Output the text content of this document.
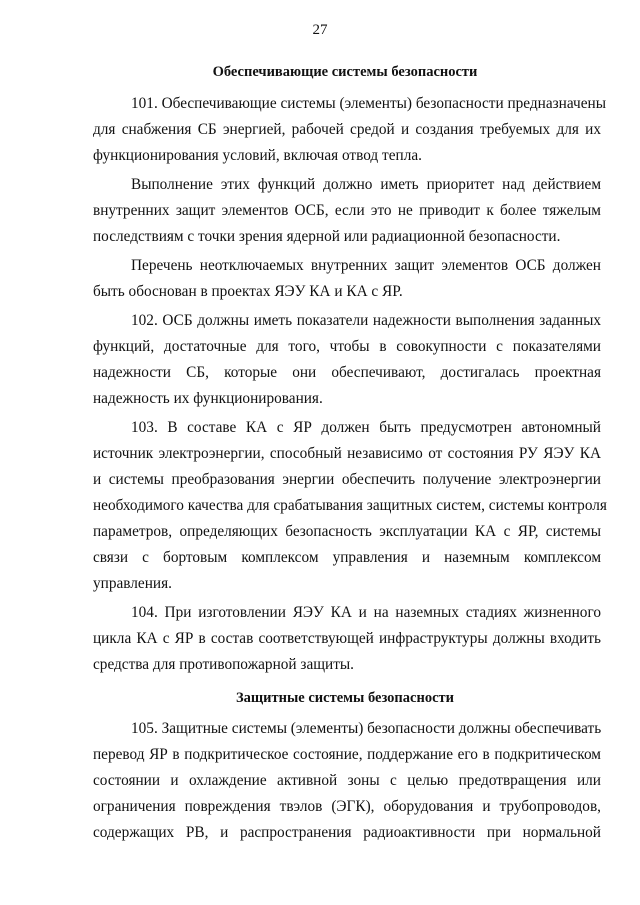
27
Обеспечивающие системы безопасности

101. Обеспечивающие системы (элементы) безопасности предназначены
для снабжения СБ энергией, рабочей средой и создания требуемых для их
функционирования условий, включая отвод тепла.

Выполнение этих функций должно иметь приоритет над действием
внутренних защит элементов ОСБ, если это не приводит к более тяжелым
последствиям с точки зрения ядерной или радиационной безопасности.

Перечень неотключаемых внутренних защит элементов ОСБ должен
быть обоснован в проектах ЯЭУ КА и КА с ЯР.

102. ОСБ должны иметь показатели надежности выполнения заданных
функций, достаточные для того, чтобы в совокупности с показателями
надежности СБ, которые они обеспечивают, достигалась проектная
надежность их функционирования.

103. В составе КА с ЯР должен быть предусмотрен автономный
источник электроэнергии, способный независимо от состояния РУ ЯЭУ КА
и системы преобразования энергии обеспечить получение электроэнергии
необходимого качества для срабатывания защитных систем, системы контроля
параметров, определяющих безопасность эксплуатации КА с ЯР, системы
связи с бортовым комплексом управления и наземным комплексом
управления.

104. При изготовлении ЯЭУ КА и на наземных стадиях жизненного
цикла КА с ЯР в состав соответствующей инфраструктуры должны входить
средства для противопожарной защиты.

Защитные системы безопасности

105. Защитные системы (элементы) безопасности должны обеспечивать
перевод ЯР в подкритическое состояние, поддержание его в подкритическом
состоянии и охлаждение активной зоны с целью предотвращения или
ограничения повреждения твэлов (ЭГК), оборудования и трубопроводов,
содержащих РВ, и распространения радиоактивности при нормальной
